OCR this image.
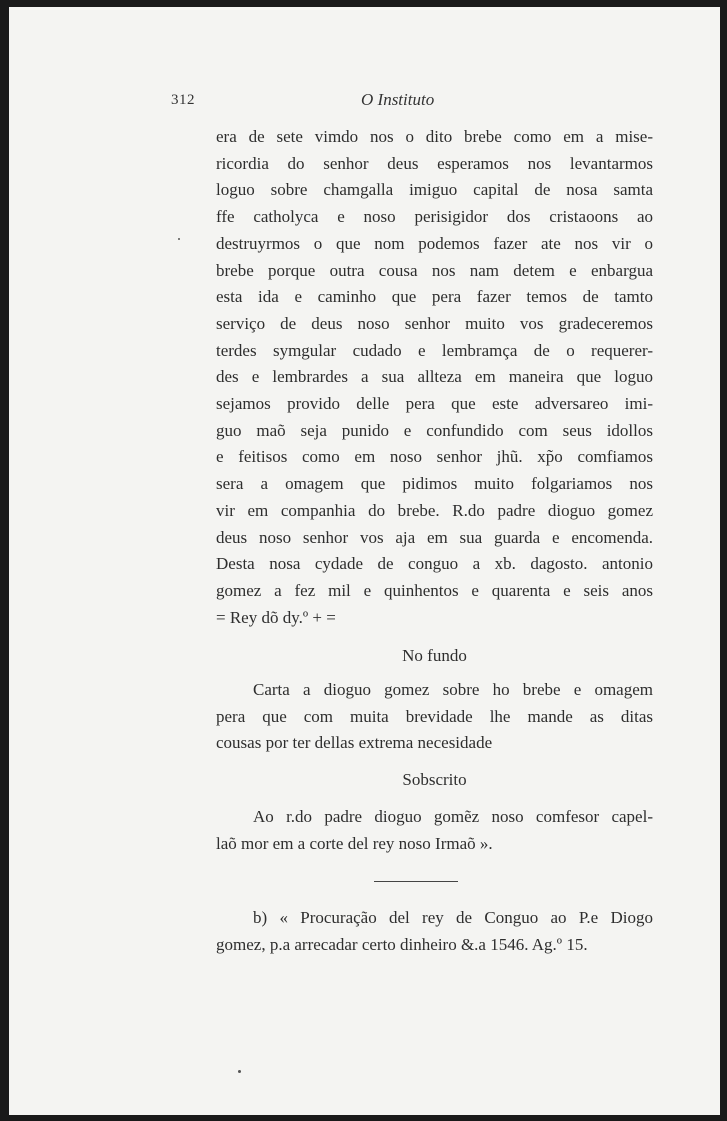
312	O Instituto
era de sete vimdo nos o dito brebe como em a mise-
ricordia do senhor deus esperamos nos levantarmos
loguo sobre chamgalla imiguo capital de nosa samta
ffe catholyca e noso perisigidor dos cristaoons ao
destruyrmos o que nom podemos fazer ate nos vir o
brebe porque outra cousa nos nam detem e enbargua
esta ida e caminho que pera fazer temos de tamto
serviço de deus noso senhor muito vos gradeceremos
terdes symgular cudado e lembramça de o requerer-
des e lembrardes a sua allteza em maneira que loguo
sejamos provido delle pera que este adversareo imi-
guo maõ seja punido e confundido com seus idollos
e feitisos como em noso senhor jhũ. xp̃o comfiamos
sera a omagem que pidimos muito folgariamos nos
vir em companhia do brebe. R.do padre dioguo gomez
deus noso senhor vos aja em sua guarda e encomenda.
Desta nosa cydade de conguo a xb. dagosto. antonio
gomez a fez mil e quinhentos e quarenta e seis anos
= Rey dõ dy.º + =
No fundo
Carta a dioguo gomez sobre ho brebe e omagem
pera que com muita brevidade lhe mande as ditas
cousas por ter dellas extrema necesidade
Sobscrito
Ao r.do padre dioguo gomẽz noso comfesor capel-
laõ mor em a corte del rey noso Irmaõ ».
b) « Procuração del rey de Conguo ao P.e Diogo
gomez, p.a arrecadar certo dinheiro &.a 1546. Ag.º 15.
